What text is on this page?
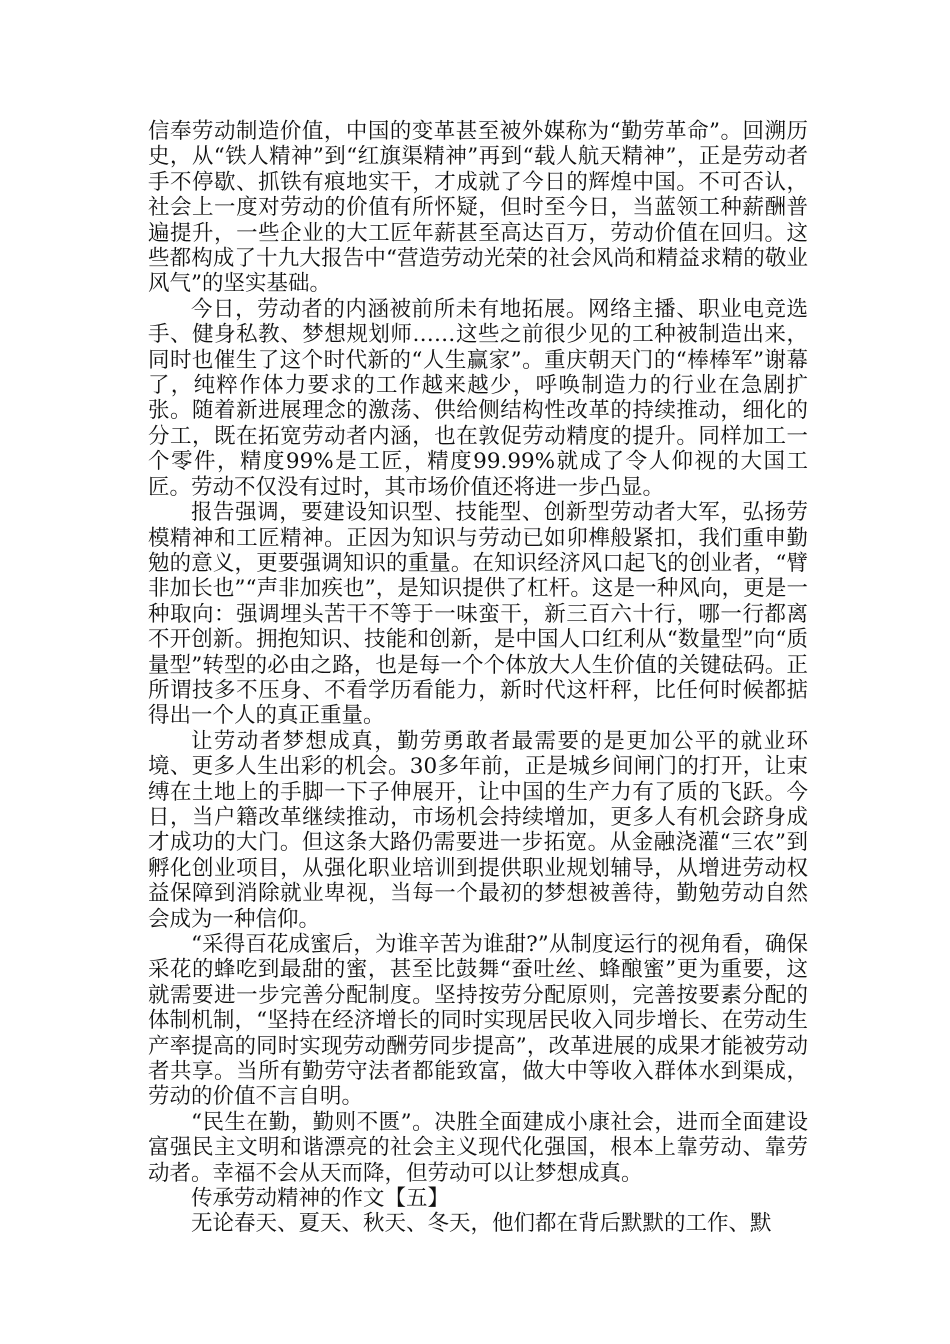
信奉劳动制造价值，中国的变革甚至被外媒称为“勤劳革命”。回溯历史，从“铁人精神”到“红旗渠精神”再到“载人航天精神”，正是劳动者手不停歇、抓铁有痕地实干，才成就了今日的辉煌中国。不可否认，社会上一度对劳动的价值有所怀疑，但时至今日，当蓝领工种薪酬普遍提升，一些企业的大工匠年薪甚至高达百万，劳动价值在回归。这些都构成了十九大报告中“营造劳动光荣的社会风尚和精益求精的敬业风气”的坚实基础。

今日，劳动者的内涵被前所未有地拓展。网络主播、职业电竞选手、健身私教、梦想规划师……这些之前很少见的工种被制造出来，同时也催生了这个时代新的“人生赢家”。重庆朝天门的“棒棒军”谢幕了，纯粹作体力要求的工作越来越少，呼唤制造力的行业在急剧扩张。随着新进展理念的激荡、供给侧结构性改革的持续推动，细化的分工，既在拓宽劳动者内涵，也在敦促劳动精度的提升。同样加工一个零件，精度99%是工匠，精度99.99%就成了令人仰视的大国工匠。劳动不仅没有过时，其市场价值还将进一步凸显。

报告强调，要建设知识型、技能型、创新型劳动者大军，弘扬劳模精神和工匠精神。正因为知识与劳动已如卯榫般紧扣，我们重申勤勉的意义，更要强调知识的重量。在知识经济风口起飞的创业者，“臂非加长也”“声非加疾也”，是知识提供了杠杆。这是一种风向，更是一种取向：强调埋头苦干不等于一味蛮干，新三百六十行，哪一行都离不开创新。拥抱知识、技能和创新，是中国人口红利从“数量型”向“质量型”转型的必由之路，也是每一个个体放大人生价值的关键砝码。正所谓技多不压身、不看学历看能力，新时代这杆秤，比任何时候都掂得出一个人的真正重量。

让劳动者梦想成真，勤劳勇敢者最需要的是更加公平的就业环境、更多人生出彩的机会。30多年前，正是城乡间闸门的打开，让束缚在土地上的手脚一下子伸展开，让中国的生产力有了质的飞跃。今日，当户籍改革继续推动，市场机会持续增加，更多人有机会跻身成才成功的大门。但这条大路仍需要进一步拓宽。从金融浇灌“三农”到孵化创业项目，从强化职业培训到提供职业规划辅导，从增进劳动权益保障到消除就业卑视，当每一个最初的梦想被善待，勤勉劳动自然会成为一种信仰。

“采得百花成蜜后，为谁辛苦为谁甜?”从制度运行的视角看，确保采花的蜂吃到最甜的蜜，甚至比鼓舞“蚕吐丝、蜂酿蜜”更为重要，这就需要进一步完善分配制度。坚持按劳分配原则，完善按要素分配的体制机制，“坚持在经济增长的同时实现居民收入同步增长、在劳动生产率提高的同时实现劳动酬劳同步提高”，改革进展的成果才能被劳动者共享。当所有勤劳守法者都能致富，做大中等收入群体水到渠成，劳动的价值不言自明。

“民生在勤，勤则不匮”。决胜全面建成小康社会，进而全面建设富强民主文明和谐漂亮的社会主义现代化强国，根本上靠劳动、靠劳动者。幸福不会从天而降，但劳动可以让梦想成真。

传承劳动精神的作文【五】

无论春天、夏天、秋天、冬天，他们都在背后默默的工作、默
